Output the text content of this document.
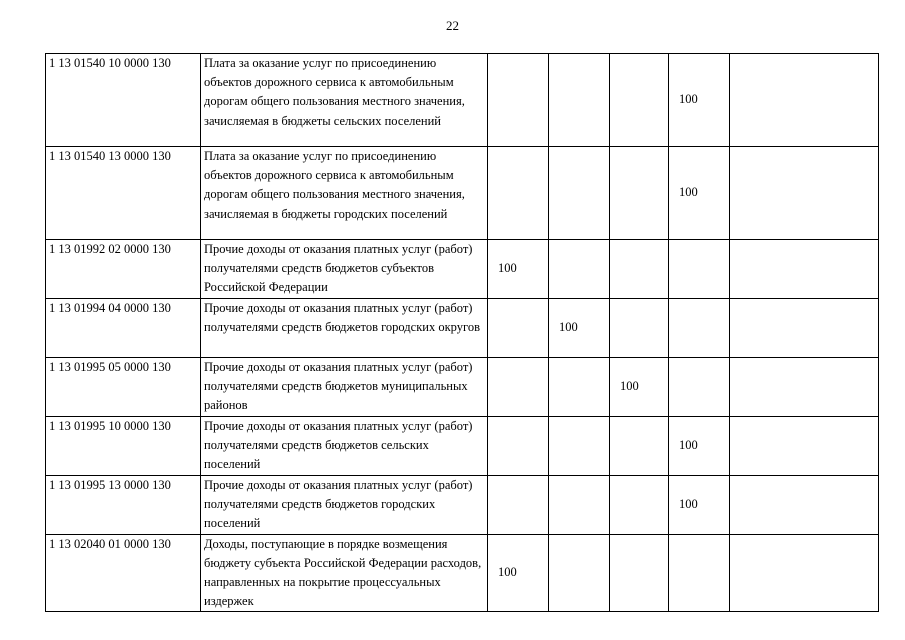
22
1 13 01540 10 0000 130	Плата за оказание услуг по присоединению объектов дорожного сервиса к автомобильным дорогам общего пользования местного значения, зачисляемая в бюджеты сельских поселений				100	
1 13 01540 13 0000 130	Плата за оказание услуг по присоединению объектов дорожного сервиса к автомобильным дорогам общего пользования местного значения, зачисляемая в бюджеты городских поселений				100	
1 13 01992 02 0000 130	Прочие доходы от оказания платных услуг (работ) получателями средств бюджетов субъектов Российской Федерации	100				
1 13 01994 04 0000 130	Прочие доходы от оказания платных услуг (работ) получателями средств бюджетов городских округов		100			
1 13 01995 05 0000 130	Прочие доходы от оказания платных услуг (работ) получателями средств бюджетов муниципальных районов			100		
1 13 01995 10 0000 130	Прочие доходы от оказания платных услуг (работ) получателями средств бюджетов сельских поселений				100	
1 13 01995 13 0000 130	Прочие доходы от оказания платных услуг (работ) получателями средств бюджетов городских поселений				100	
1 13 02040 01 0000 130	Доходы, поступающие в порядке возмещения бюджету субъекта Российской Федерации расходов, направленных на покрытие процессуальных издержек	100				
